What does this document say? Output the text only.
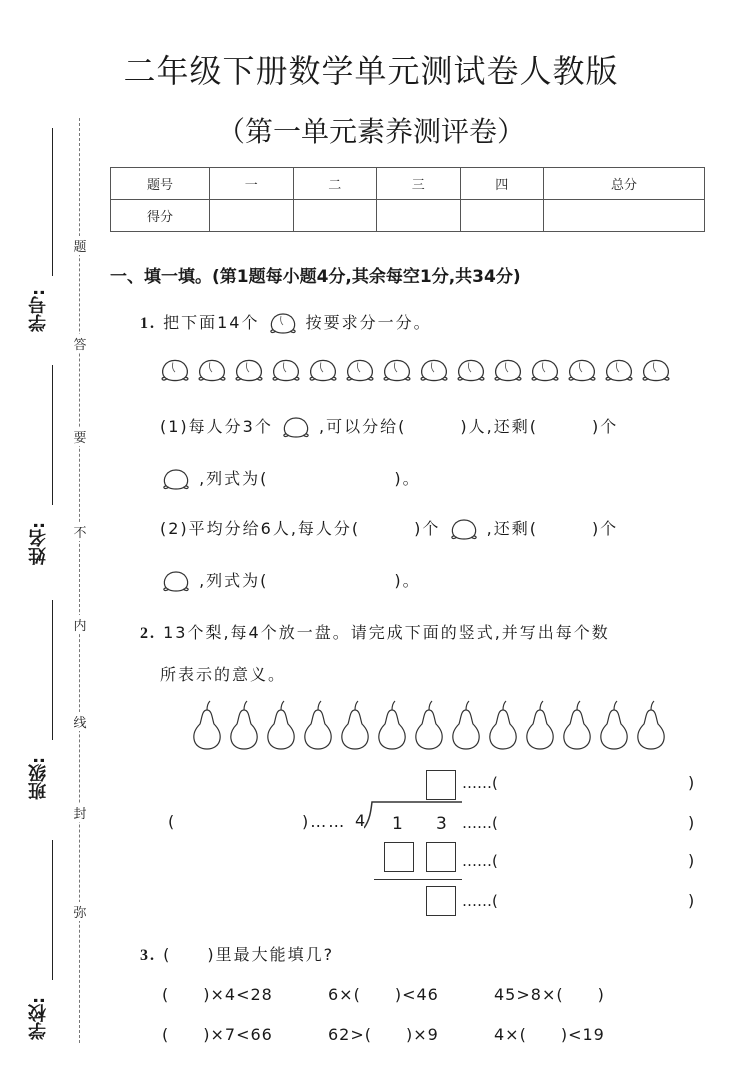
二年级下册数学单元测试卷人教版
（第一单元素养测评卷）
题号	一	二	三	四	总分
得分					
题
答
要
不
内
线
封
弥
学号:
姓名:
班级:
学校:
一、填一填。(第1题每小题4分,其余每空1分,共34分)
1. 把下面14个	按要求分一分。
(1)每人分3个	,可以分给(　　　)人,还剩(　　　)个
,列式为(　　　　　　　)。
(2)平均分给6人,每人分(　　　)个	,还剩(　　　)个
,列式为(　　　　　　　)。
2. 13个梨,每4个放一盘。请完成下面的竖式,并写出每个数
所表示的意义。
……(	)
(	)…… 4 1 3 ……(	)
……(	)
……(	)
3. (　　)里最大能填几?
(　　)×4<28	6×(　　)<46	45>8×(　　)
(　　)×7<66	62>(　　)×9	4×(　　)<19
